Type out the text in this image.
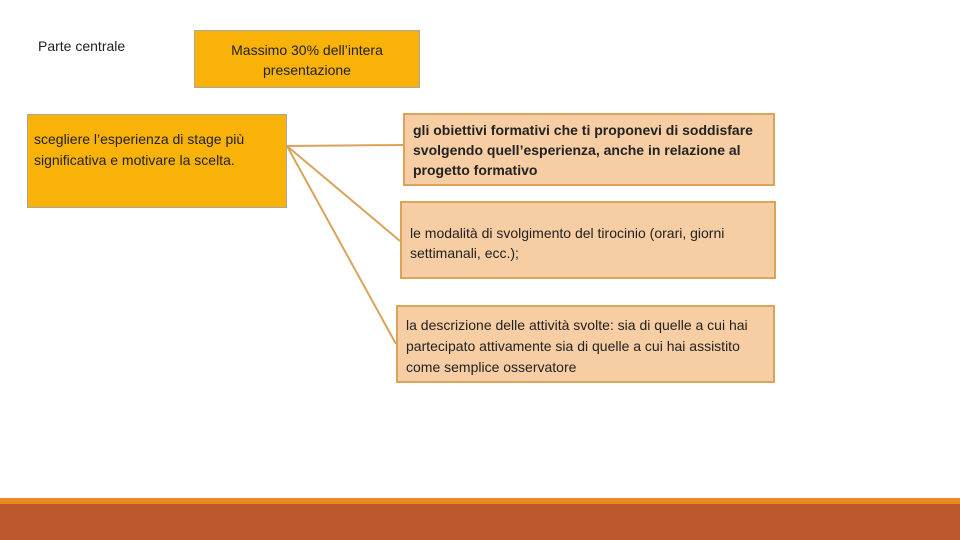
Parte centrale	Massimo 30% dell’intera presentazione
scegliere l’esperienza di stage più significativa e motivare la scelta.
gli obiettivi formativi che ti proponevi di soddisfare svolgendo quell’esperienza, anche in relazione al progetto formativo
le modalità di svolgimento del tirocinio (orari, giorni settimanali, ecc.);
la descrizione delle attività svolte: sia di quelle a cui hai partecipato attivamente sia di quelle a cui hai assistito come semplice osservatore
